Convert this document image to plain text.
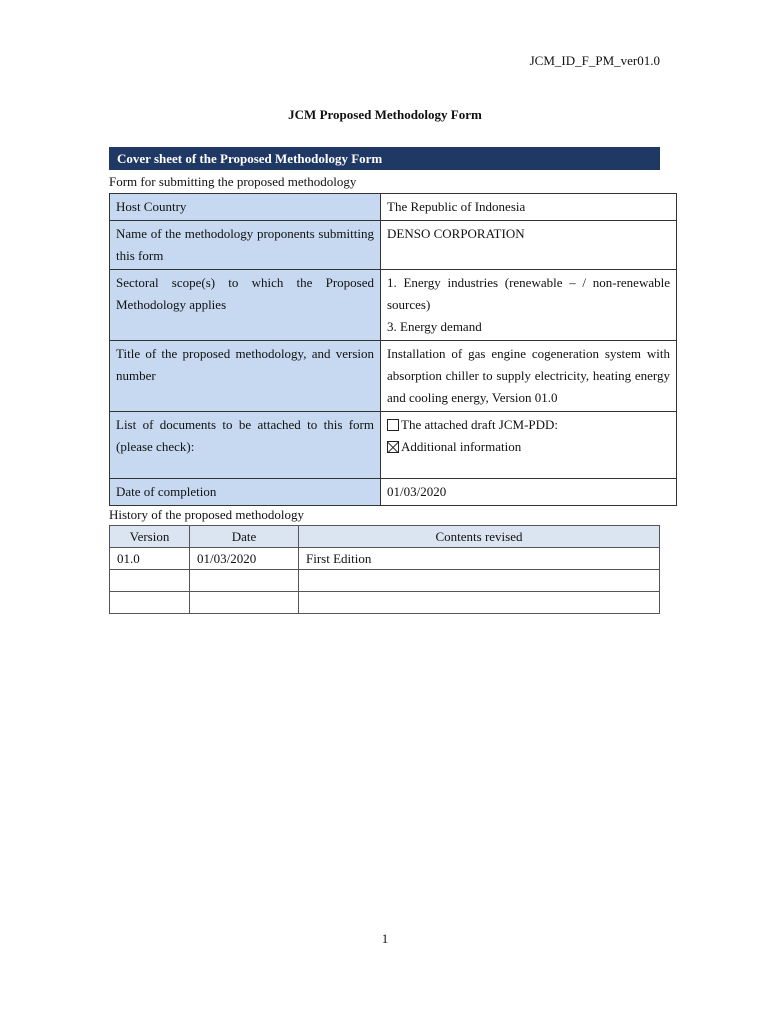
JCM_ID_F_PM_ver01.0
JCM Proposed Methodology Form
Cover sheet of the Proposed Methodology Form
Form for submitting the proposed methodology
Host Country	The Republic of Indonesia
Name of the methodology proponents submitting this form	DENSO CORPORATION
Sectoral scope(s) to which the Proposed Methodology applies	1. Energy industries (renewable – / non-renewable sources)
3. Energy demand

Title of the proposed methodology, and version number	Installation of gas engine cogeneration system with absorption chiller to supply electricity, heating energy and cooling energy, Version 01.0
List of documents to be attached to this form (please check):	The attached draft JCM-PDD:
Additional information

Date of completion	01/03/2020
History of the proposed methodology
Version	Date	Contents revised
01.0	01/03/2020	First Edition

1
